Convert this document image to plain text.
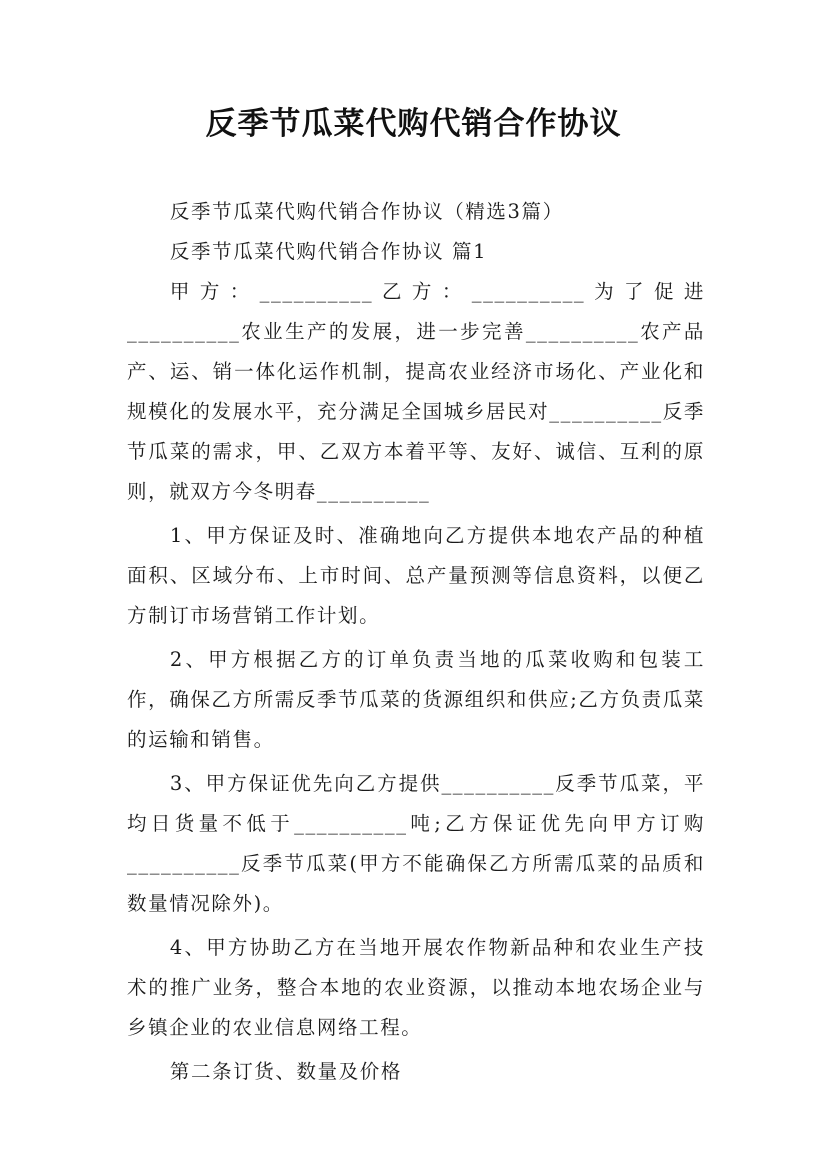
反季节瓜菜代购代销合作协议

反季节瓜菜代购代销合作协议（精选3篇）

反季节瓜菜代购代销合作协议 篇1

甲方：__________乙方：__________为了促进__________农业生产的发展，进一步完善__________农产品产、运、销一体化运作机制，提高农业经济市场化、产业化和规模化的发展水平，充分满足全国城乡居民对__________反季节瓜菜的需求，甲、乙双方本着平等、友好、诚信、互利的原则，就双方今冬明春__________

1、甲方保证及时、准确地向乙方提供本地农产品的种植面积、区域分布、上市时间、总产量预测等信息资料，以便乙方制订市场营销工作计划。

2、甲方根据乙方的订单负责当地的瓜菜收购和包装工作，确保乙方所需反季节瓜菜的货源组织和供应;乙方负责瓜菜的运输和销售。

3、甲方保证优先向乙方提供__________反季节瓜菜，平均日货量不低于__________吨;乙方保证优先向甲方订购__________反季节瓜菜(甲方不能确保乙方所需瓜菜的品质和数量情况除外)。

4、甲方协助乙方在当地开展农作物新品种和农业生产技术的推广业务，整合本地的农业资源，以推动本地农场企业与乡镇企业的农业信息网络工程。

第二条订货、数量及价格
